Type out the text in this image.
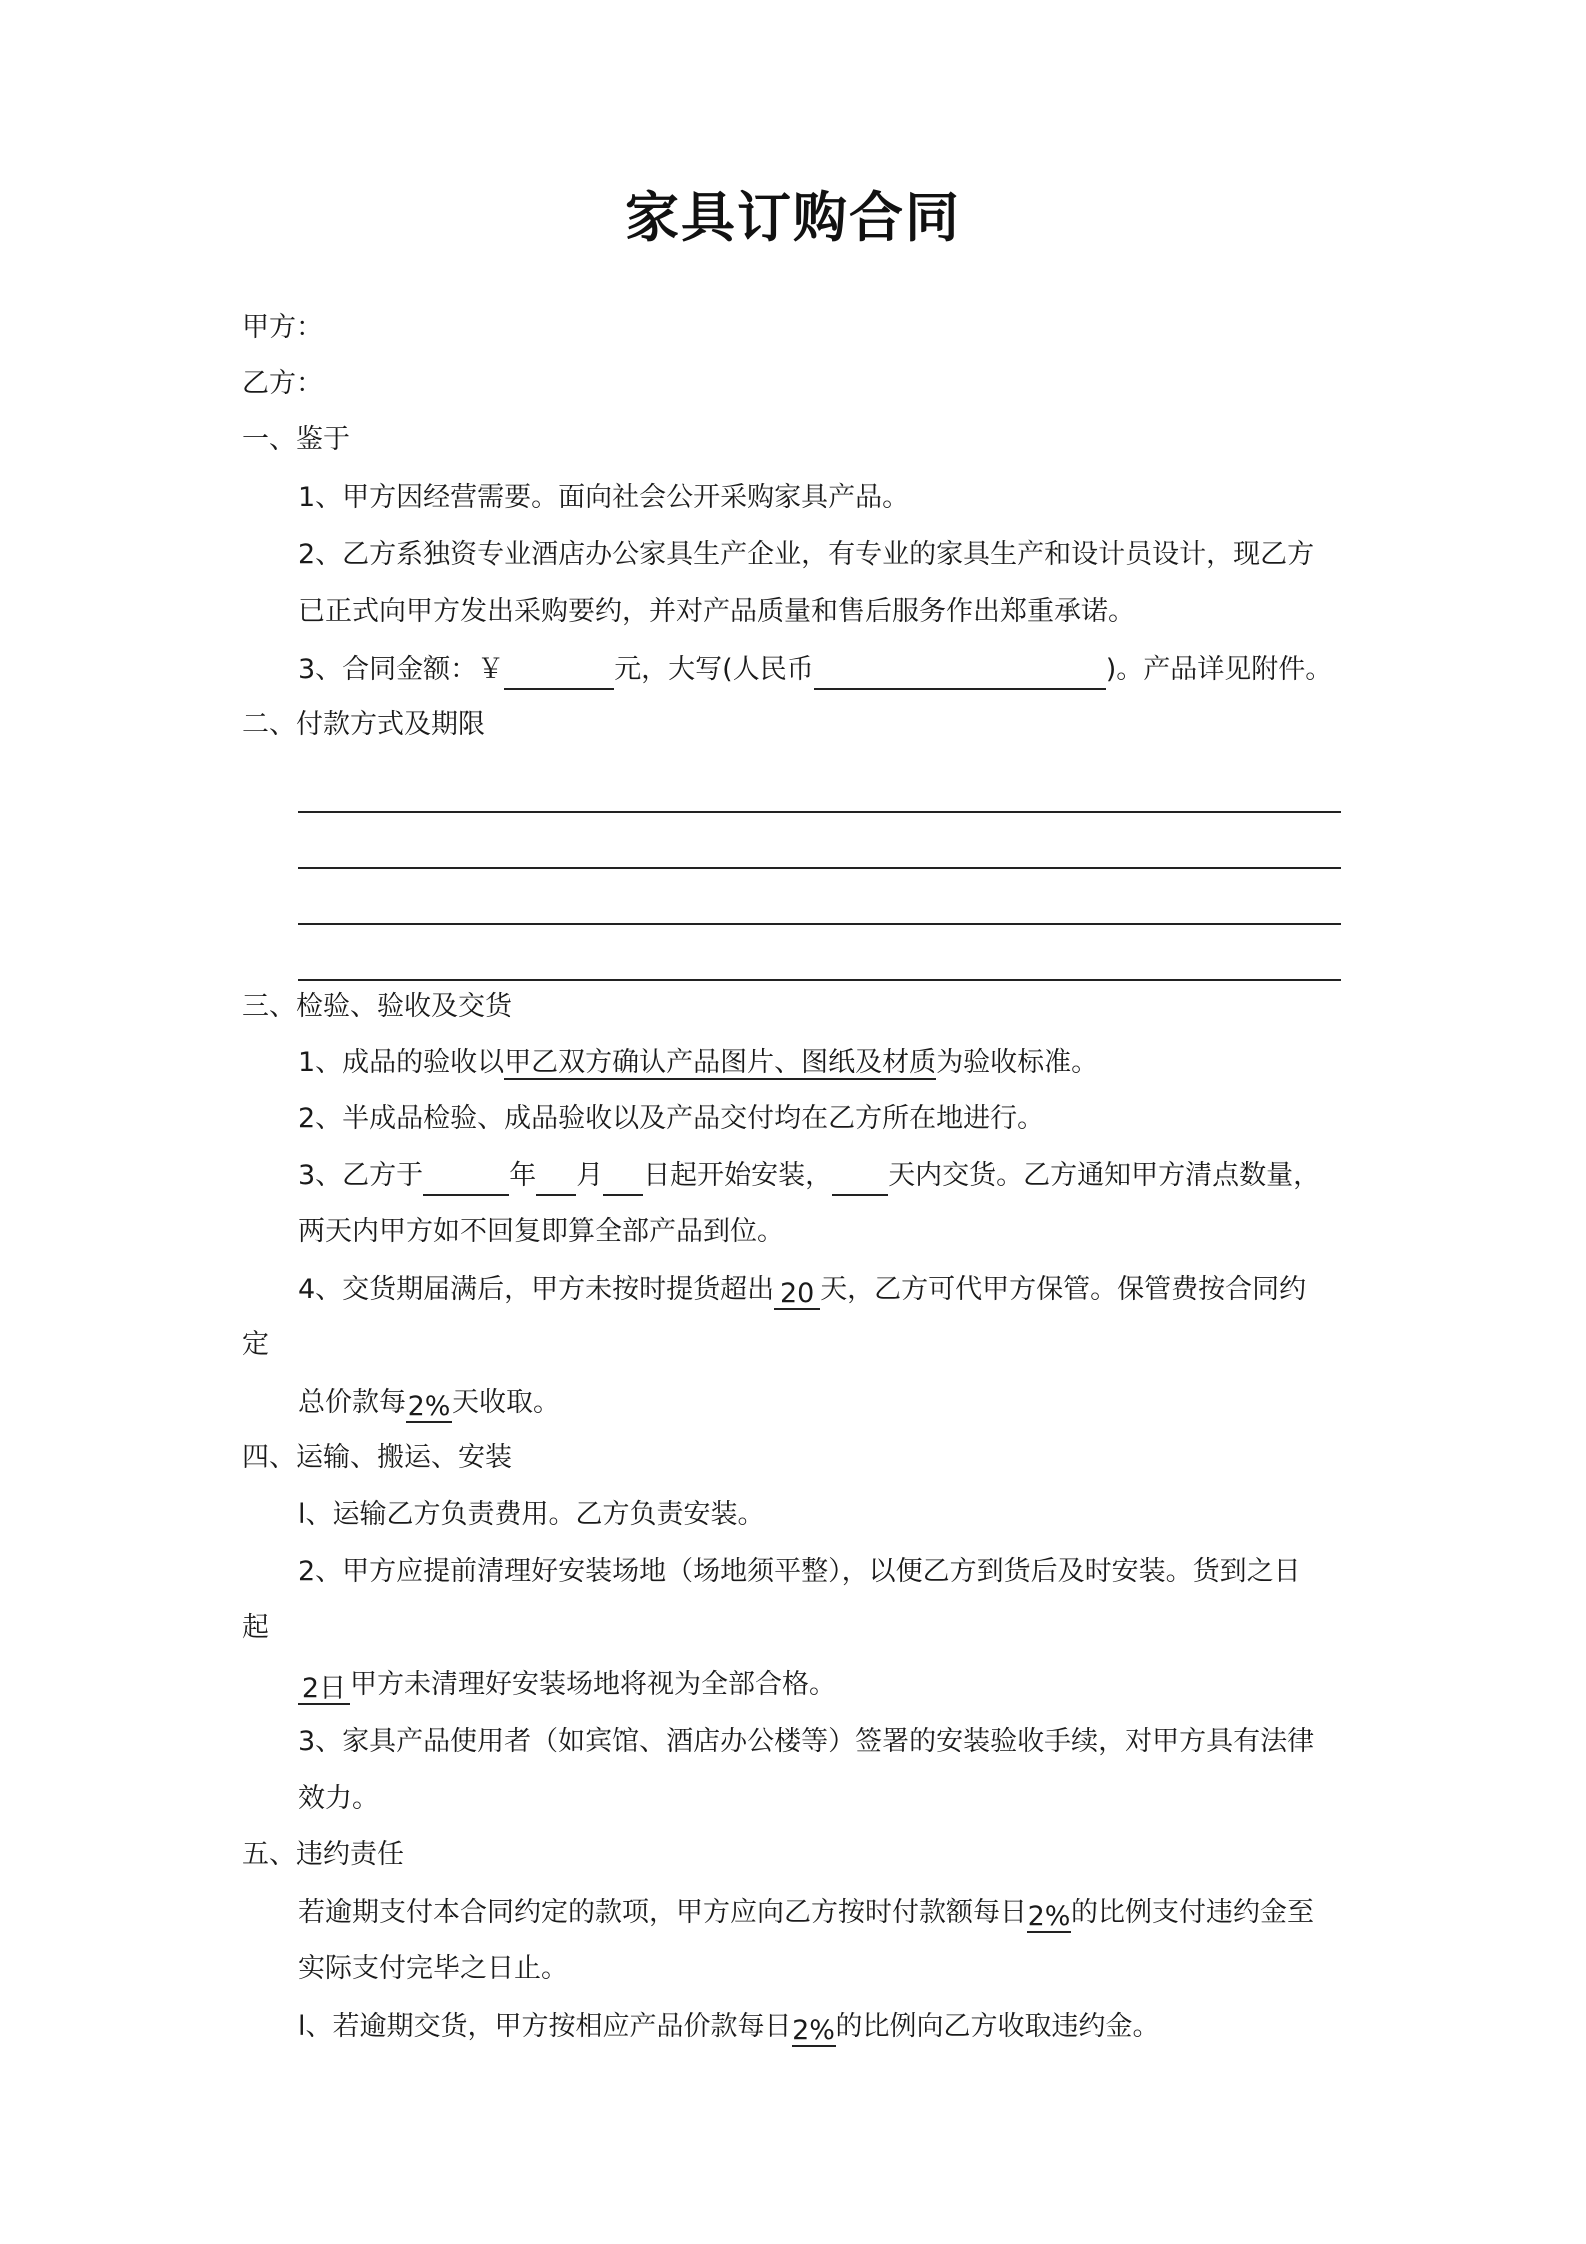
家具订购合同
甲方：
乙方：
一、鉴于
1、甲方因经营需要。面向社会公开采购家具产品。
2、乙方系独资专业酒店办公家具生产企业，有专业的家具生产和设计员设计，现乙方
已正式向甲方发出采购要约，并对产品质量和售后服务作出郑重承诺。
3、合同金额：￥	元，大写(人民币	)。产品详见附件。
二、付款方式及期限
三、检验、验收及交货
1、成品的验收以甲乙双方确认产品图片、图纸及材质为验收标准。
2、半成品检验、成品验收以及产品交付均在乙方所在地进行。
3、乙方于	年 月 日起开始安装， 天内交货。乙方通知甲方清点数量，
两天内甲方如不回复即算全部产品到位。
4、交货期届满后，甲方未按时提货超出 20 天，乙方可代甲方保管。保管费按合同约
定
总价款每2%天收取。
四、运输、搬运、安装
l、运输乙方负责费用。乙方负责安装。
2、甲方应提前清理好安装场地（场地须平整），以便乙方到货后及时安装。货到之日
起
2日 甲方未清理好安装场地将视为全部合格。
3、家具产品使用者（如宾馆、酒店办公楼等）签署的安装验收手续，对甲方具有法律
效力。
五、违约责任
若逾期支付本合同约定的款项，甲方应向乙方按时付款额每日2%的比例支付违约金至
实际支付完毕之日止。
l、若逾期交货，甲方按相应产品价款每日2%的比例向乙方收取违约金。
